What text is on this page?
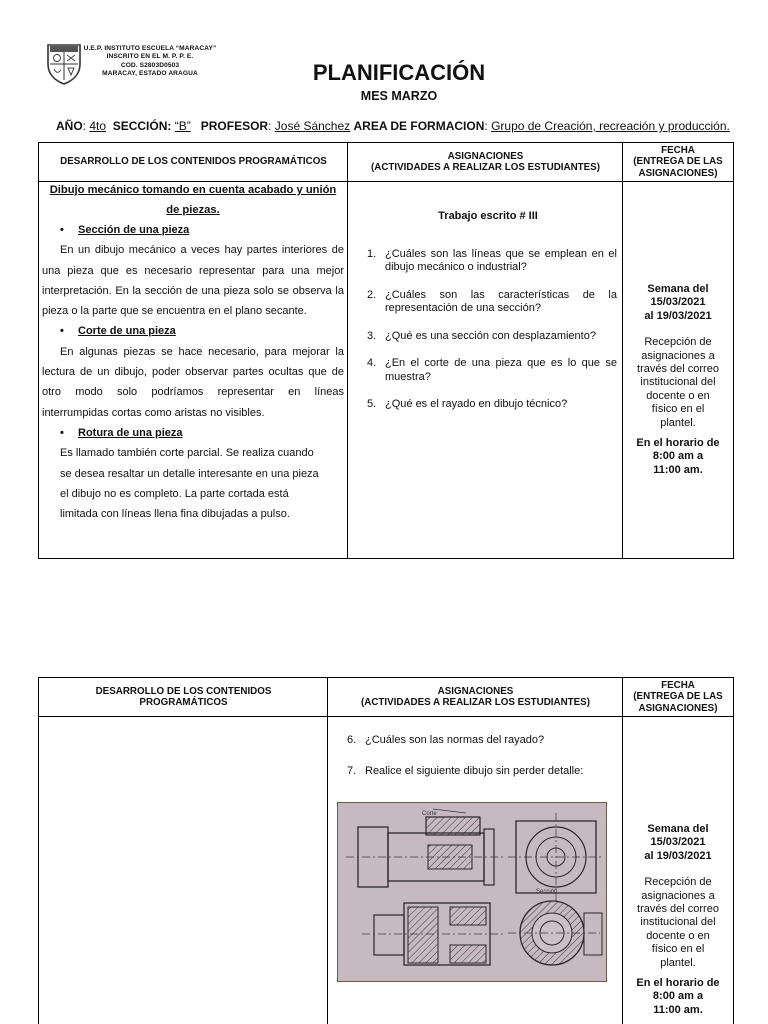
U.E.P. INSTITUTO ESCUELA “MARACAY”
INSCRITO EN EL M. P. P. E.
COD. S2803D0503
MARACAY, ESTADO ARAGUA	PLANIFICACIÓN
MES MARZO
AÑO: 4to SECCIÓN: “B” PROFESOR: José Sánchez AREA DE FORMACION: Grupo de Creación, recreación y producción.
DESARROLLO DE LOS CONTENIDOS PROGRAMÁTICOS
ASIGNACIONES
(ACTIVIDADES A REALIZAR LOS ESTUDIANTES)
FECHA
(ENTREGA DE LAS
ASIGNACIONES)
Dibujo mecánico tomando en cuenta acabado y unión
de piezas.
• Sección de una pieza
En un dibujo mecánico a veces hay partes interiores de una pieza que es necesario representar para una mejor interpretación. En la sección de una pieza solo se observa la pieza o la parte que se encuentra en el plano secante.
• Corte de una pieza
En algunas piezas se hace necesario, para mejorar la lectura de un dibujo, poder observar partes ocultas que de otro modo solo podríamos representar en líneas interrumpidas cortas como aristas no visibles.
• Rotura de una pieza
Es llamado también corte parcial. Se realiza cuando
se desea resaltar un detalle interesante en una pieza
el dibujo no es completo. La parte cortada está
limitada con líneas llena fina dibujadas a pulso.
Trabajo escrito # III
1. ¿Cuáles son las líneas que se emplean en el dibujo mecánico o industrial?
2. ¿Cuáles son las características de la representación de una sección?
3. ¿Qué es una sección con desplazamiento?
4. ¿En el corte de una pieza que es lo que se muestra?
5. ¿Qué es el rayado en dibujo técnico?
Semana del
15/03/2021
al 19/03/2021
Recepción de
asignaciones a
través del correo
institucional del
docente o en
físico en el
plantel.
En el horario de
8:00 am a
11:00 am.
DESARROLLO DE LOS CONTENIDOS
PROGRAMÁTICOS
ASIGNACIONES
(ACTIVIDADES A REALIZAR LOS ESTUDIANTES)
FECHA
(ENTREGA DE LAS
ASIGNACIONES)
6. ¿Cuáles son las normas del rayado?
7. Realice el siguiente dibujo sin perder detalle:
Corte
Sección
Semana del
15/03/2021
al 19/03/2021
Recepción de
asignaciones a
través del correo
institucional del
docente o en
físico en el
plantel.
En el horario de
8:00 am a
11:00 am.
